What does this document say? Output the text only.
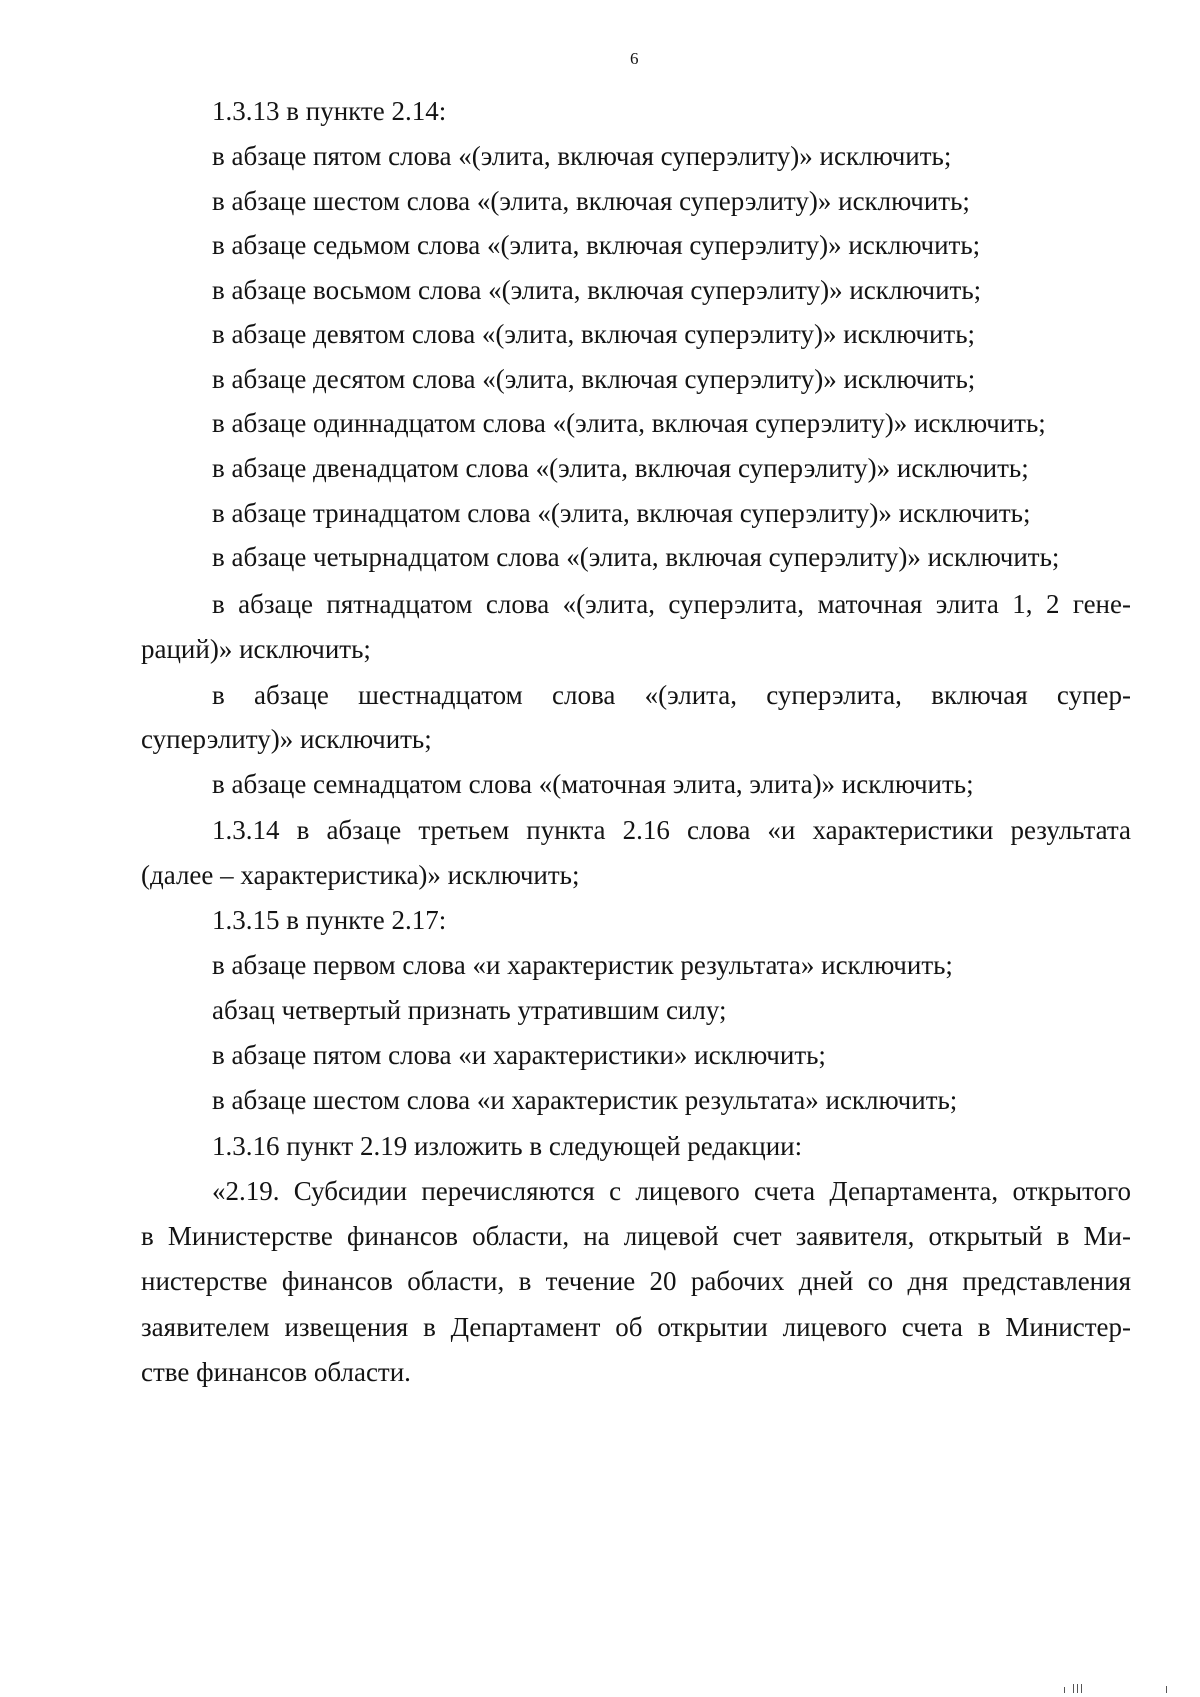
6
1.3.13 в пункте 2.14:
в абзаце пятом слова «(элита, включая суперэлиту)» исключить;
в абзаце шестом слова «(элита, включая суперэлиту)» исключить;
в абзаце седьмом слова «(элита, включая суперэлиту)» исключить;
в абзаце восьмом слова «(элита, включая суперэлиту)» исключить;
в абзаце девятом слова «(элита, включая суперэлиту)» исключить;
в абзаце десятом слова «(элита, включая суперэлиту)» исключить;
в абзаце одиннадцатом слова «(элита, включая суперэлиту)» исключить;
в абзаце двенадцатом слова «(элита, включая суперэлиту)» исключить;
в абзаце тринадцатом слова «(элита, включая суперэлиту)» исключить;
в абзаце четырнадцатом слова «(элита, включая суперэлиту)» исключить;
в абзаце пятнадцатом слова «(элита, суперэлита, маточная элита 1, 2 гене-
раций)» исключить;
в абзаце шестнадцатом слова «(элита, суперэлита, включая супер-
суперэлиту)» исключить;
в абзаце семнадцатом слова «(маточная элита, элита)» исключить;
1.3.14 в абзаце третьем пункта 2.16 слова «и характеристики результата
(далее – характеристика)» исключить;
1.3.15 в пункте 2.17:
в абзаце первом слова «и характеристик результата» исключить;
абзац четвертый признать утратившим силу;
в абзаце пятом слова «и характеристики» исключить;
в абзаце шестом слова «и характеристик результата» исключить;
1.3.16 пункт 2.19 изложить в следующей редакции:
«2.19. Субсидии перечисляются с лицевого счета Департамента, открытого
в Министерстве финансов области, на лицевой счет заявителя, открытый в Ми-
нистерстве финансов области, в течение 20 рабочих дней со дня представления
заявителем извещения в Департамент об открытии лицевого счета в Министер-
стве финансов области.
